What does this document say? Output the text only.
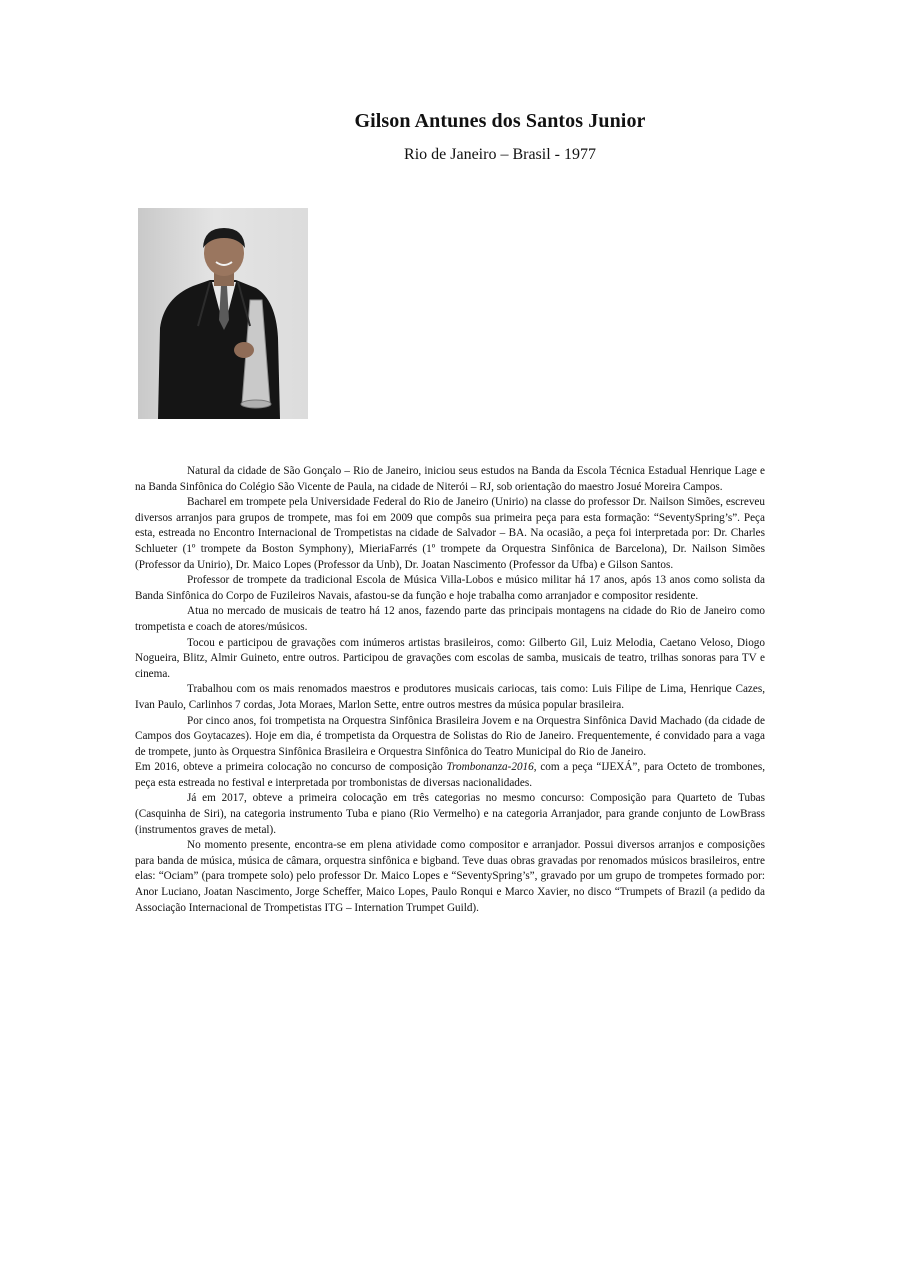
Gilson Antunes dos Santos Junior
Rio de Janeiro – Brasil - 1977

Natural da cidade de São Gonçalo – Rio de Janeiro, iniciou seus estudos na Banda da Escola Técnica Estadual Henrique Lage e na Banda Sinfônica do Colégio São Vicente de Paula, na cidade de Niterói – RJ, sob orientação do maestro Josué Moreira Campos.

Bacharel em trompete pela Universidade Federal do Rio de Janeiro (Unirio) na classe do professor Dr. Nailson Simões, escreveu diversos arranjos para grupos de trompete, mas foi em 2009 que compôs sua primeira peça para esta formação: “SeventySpring’s”. Peça esta, estreada no Encontro Internacional de Trompetistas na cidade de Salvador – BA. Na ocasião, a peça foi interpretada por: Dr. Charles Schlueter (1º trompete da Boston Symphony), MieriaFarrés (1º trompete da Orquestra Sinfônica de Barcelona), Dr. Nailson Simões (Professor da Unirio), Dr. Maico Lopes (Professor da Unb), Dr. Joatan Nascimento (Professor da Ufba) e Gilson Santos.

Professor de trompete da tradicional Escola de Música Villa-Lobos e músico militar há 17 anos, após 13 anos como solista da Banda Sinfônica do Corpo de Fuzileiros Navais, afastou-se da função e hoje trabalha como arranjador e compositor residente.

Atua no mercado de musicais de teatro há 12 anos, fazendo parte das principais montagens na cidade do Rio de Janeiro como trompetista e coach de atores/músicos.

Tocou e participou de gravações com inúmeros artistas brasileiros, como: Gilberto Gil, Luiz Melodia, Caetano Veloso, Diogo Nogueira, Blitz, Almir Guineto, entre outros. Participou de gravações com escolas de samba, musicais de teatro, trilhas sonoras para TV e cinema.

Trabalhou com os mais renomados maestros e produtores musicais cariocas, tais como: Luis Filipe de Lima, Henrique Cazes, Ivan Paulo, Carlinhos 7 cordas, Jota Moraes, Marlon Sette, entre outros mestres da música popular brasileira.

Por cinco anos, foi trompetista na Orquestra Sinfônica Brasileira Jovem e na Orquestra Sinfônica David Machado (da cidade de Campos dos Goytacazes). Hoje em dia, é trompetista da Orquestra de Solistas do Rio de Janeiro. Frequentemente, é convidado para a vaga de trompete, junto às Orquestra Sinfônica Brasileira e Orquestra Sinfônica do Teatro Municipal do Rio de Janeiro.

Em 2016, obteve a primeira colocação no concurso de composição Trombonanza-2016, com a peça “IJEXÁ”, para Octeto de trombones, peça esta estreada no festival e interpretada por trombonistas de diversas nacionalidades.

Já em 2017, obteve a primeira colocação em três categorias no mesmo concurso: Composição para Quarteto de Tubas (Casquinha de Siri), na categoria instrumento Tuba e piano (Rio Vermelho) e na categoria Arranjador, para grande conjunto de LowBrass (instrumentos graves de metal).

No momento presente, encontra-se em plena atividade como compositor e arranjador. Possui diversos arranjos e composições para banda de música, música de câmara, orquestra sinfônica e bigband. Teve duas obras gravadas por renomados músicos brasileiros, entre elas: “Ociam” (para trompete solo) pelo professor Dr. Maico Lopes e “SeventySpring’s”, gravado por um grupo de trompetes formado por: Anor Luciano, Joatan Nascimento, Jorge Scheffer, Maico Lopes, Paulo Ronqui e Marco Xavier, no disco “Trumpets of Brazil (a pedido da Associação Internacional de Trompetistas ITG – Internation Trumpet Guild).
